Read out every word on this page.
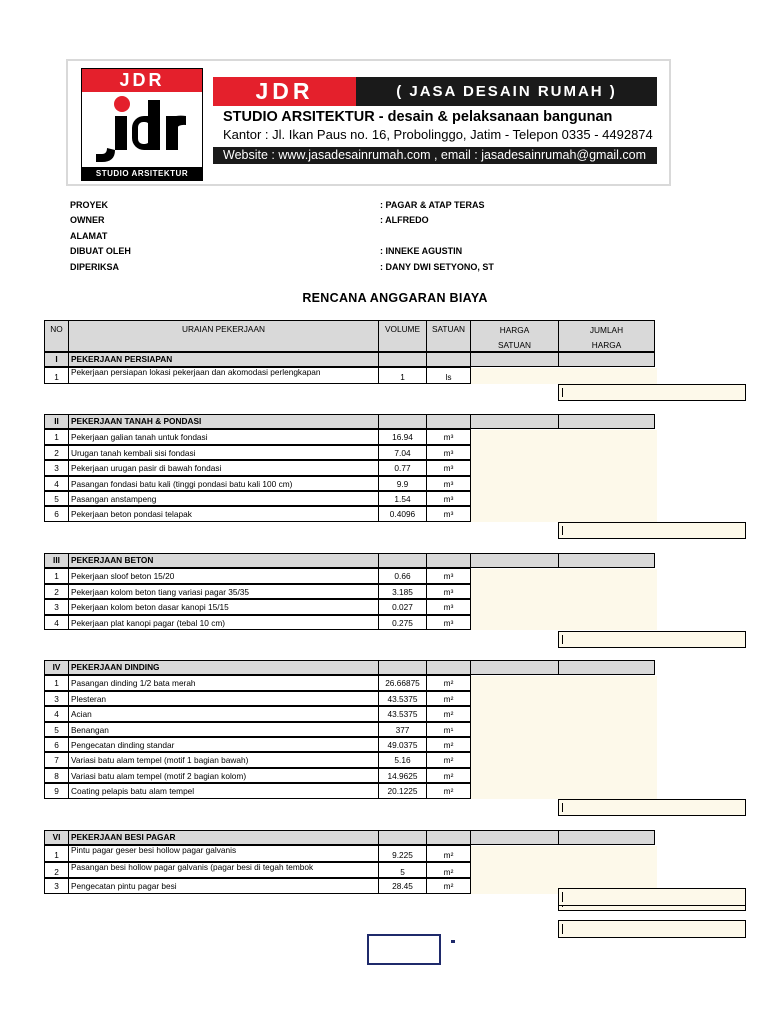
JDR
STUDIO ARSITEKTUR
JDR	( JASA DESAIN RUMAH )
STUDIO ARSITEKTUR - desain & pelaksanaan bangunan
Kantor : Jl. Ikan Paus no. 16, Probolinggo, Jatim - Telepon 0335 - 4492874
Website : www.jasadesainrumah.com , email : jasadesainrumah@gmail.com
PROYEK	: PAGAR & ATAP TERAS
OWNER	: ALFREDO
ALAMAT
DIBUAT OLEH	: INNEKE AGUSTIN
DIPERIKSA	: DANY DWI SETYONO, ST
RENCANA ANGGARAN BIAYA
NO	URAIAN PEKERJAAN	VOLUME	SATUAN	HARGA
SATUAN
JUMLAH
HARGA
I	PEKERJAAN PERSIAPAN
1	Pekerjaan persiapan lokasi pekerjaan dan akomodasi perlengkapan	1	ls
II	PEKERJAAN TANAH & PONDASI
1	Pekerjaan galian tanah untuk fondasi	16.94	m³
2	Urugan tanah kembali sisi fondasi	7.04	m³
3	Pekerjaan urugan pasir di bawah fondasi	0.77	m³
4	Pasangan fondasi batu kali (tinggi pondasi batu kali 100 cm)	9.9	m³
5	Pasangan anstampeng	1.54	m³
6	Pekerjaan beton pondasi telapak	0.4096	m³
III	PEKERJAAN BETON
1	Pekerjaan sloof beton 15/20	0.66	m³
2	Pekerjaan kolom beton tiang variasi pagar 35/35	3.185	m³
3	Pekerjaan kolom beton dasar kanopi 15/15	0.027	m³
4	Pekerjaan plat kanopi pagar (tebal 10 cm)	0.275	m³
IV	PEKERJAAN DINDING
1	Pasangan dinding 1/2 bata merah	26.66875	m²
3	Plesteran	43.5375	m²
4	Acian	43.5375	m²
5	Benangan	377	m¹
6	Pengecatan dinding standar	49.0375	m²
7	Variasi batu alam tempel (motif 1 bagian bawah)	5.16	m²
8	Variasi batu alam tempel (motif 2 bagian kolom)	14.9625	m²
9	Coating pelapis batu alam tempel	20.1225	m²
VI	PEKERJAAN BESI PAGAR
1	Pintu pagar geser besi hollow pagar galvanis	9.225	m²
2	Pasangan besi hollow pagar galvanis (pagar besi di tegah tembok	5	m²
3	Pengecatan pintu pagar besi	28.45	m²
